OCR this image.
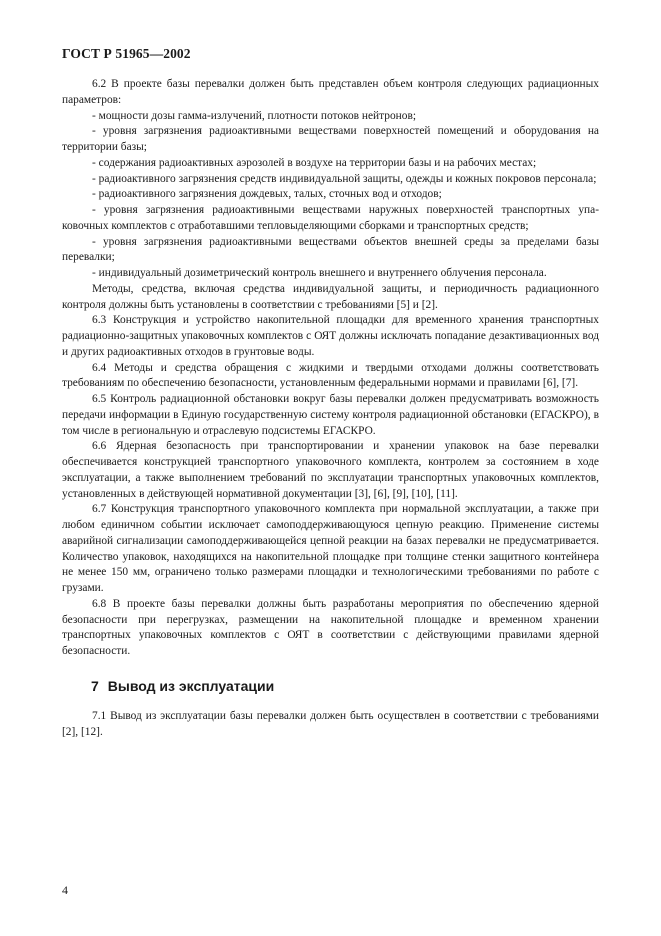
ГОСТ Р 51965—2002

6.2 В проекте базы перевалки должен быть представлен объем контроля следующих радиационных параметров:

- мощности дозы гамма-излучений, плотности потоков нейтронов;

- уровня загрязнения радиоактивными веществами поверхностей помещений и оборудования на территории базы;

- содержания радиоактивных аэрозолей в воздухе на территории базы и на рабочих местах;

- радиоактивного загрязнения средств индивидуальной защиты, одежды и кожных покровов персонала;

- радиоактивного загрязнения дождевых, талых, сточных вод и отходов;

- уровня загрязнения радиоактивными веществами наружных поверхностей транспортных упаковочных комплектов с отработавшими тепловыделяющими сборками и транспортных средств;

- уровня загрязнения радиоактивными веществами объектов внешней среды за пределами базы перевалки;

- индивидуальный дозиметрический контроль внешнего и внутреннего облучения персонала.

Методы, средства, включая средства индивидуальной защиты, и периодичность радиационного контроля должны быть установлены в соответствии с требованиями [5] и [2].

6.3 Конструкция и устройство накопительной площадки для временного хранения транспортных радиационно-защитных упаковочных комплектов с ОЯТ должны исключать попадание дезактивационных вод и других радиоактивных отходов в грунтовые воды.

6.4 Методы и средства обращения с жидкими и твердыми отходами должны соответствовать требованиям по обеспечению безопасности, установленным федеральными нормами и правилами [6], [7].

6.5 Контроль радиационной обстановки вокруг базы перевалки должен предусматривать возможность передачи информации в Единую государственную систему контроля радиационной обстановки (ЕГАСКРО), в том числе в региональную и отраслевую подсистемы ЕГАСКРО.

6.6 Ядерная безопасность при транспортировании и хранении упаковок на базе перевалки обеспечивается конструкцией транспортного упаковочного комплекта, контролем за состоянием в ходе эксплуатации, а также выполнением требований по эксплуатации транспортных упаковочных комплектов, установленных в действующей нормативной документации [3], [6], [9], [10], [11].

6.7 Конструкция транспортного упаковочного комплекта при нормальной эксплуатации, а также при любом единичном событии исключает самоподдерживающуюся цепную реакцию. Применение системы аварийной сигнализации самоподдерживающейся цепной реакции на базах перевалки не предусматривается. Количество упаковок, находящихся на накопительной площадке при толщине стенки защитного контейнера не менее 150 мм, ограничено только размерами площадки и технологическими требованиями по работе с грузами.

6.8 В проекте базы перевалки должны быть разработаны мероприятия по обеспечению ядерной безопасности при перегрузках, размещении на накопительной площадке и временном хранении транспортных упаковочных комплектов с ОЯТ в соответствии с действующими правилами ядерной безопасности.

7 Вывод из эксплуатации

7.1 Вывод из эксплуатации базы перевалки должен быть осуществлен в соответствии с требованиями [2], [12].

4
